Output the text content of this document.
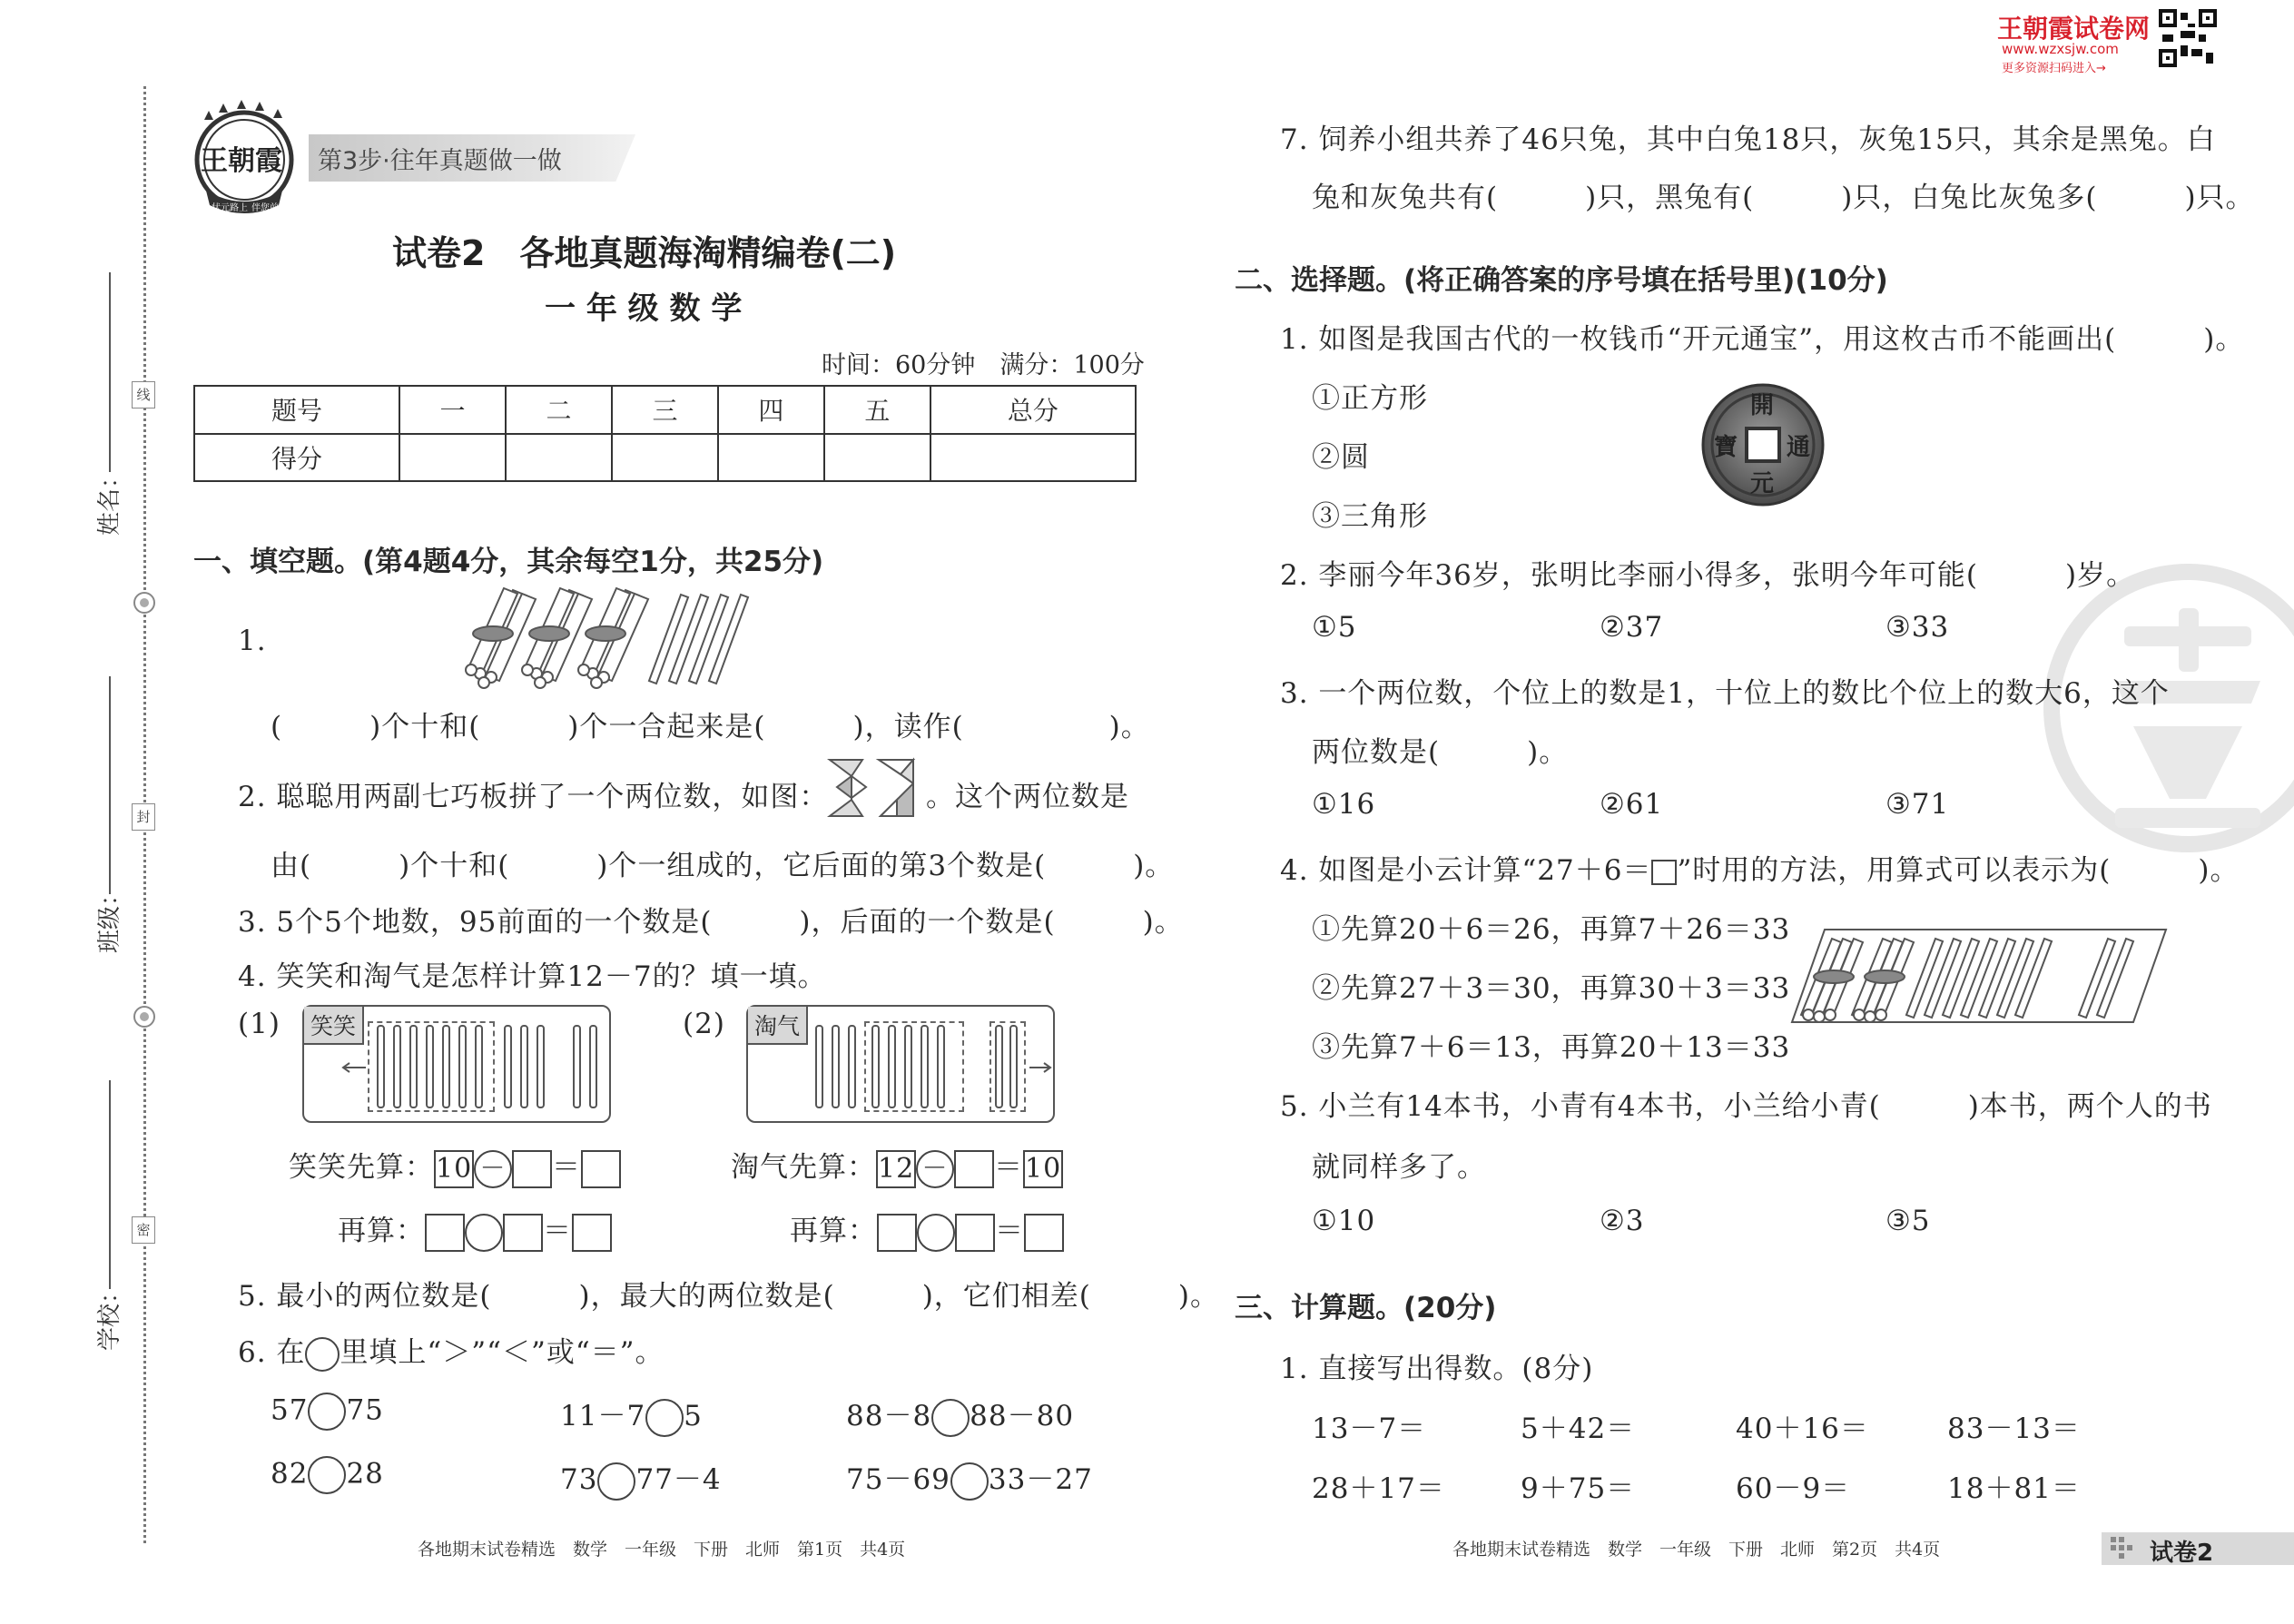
线
封
密
姓名：
班级：
学校：
王朝霞
状元路上 伴您前行
第3步·往年真题做一做
试卷2　各地真题海淘精编卷(二)
一 年 级 数 学
时间：60分钟　满分：100分
题号	一	二	三	四	五	总分
得分						
一、填空题。(第4题4分，其余每空1分，共25分)
1.
(　　　)个十和(　　　)个一合起来是(　　　)，读作(　　　　　)。
2. 聪聪用两副七巧板拼了一个两位数，如图：	。这个两位数是
由(　　　)个十和(　　　)个一组成的，它后面的第3个数是(　　　)。
3. 5个5个地数，95前面的一个数是(　　　)，后面的一个数是(　　　)。
4. 笑笑和淘气是怎样计算12－7的？填一填。
(1) 笑笑	(2) 淘气
笑笑先算：10 － ＝
再算：	＝
淘气先算：12 － ＝10
再算：	＝
5. 最小的两位数是(　　　)，最大的两位数是(　　　)，它们相差(　　　)。
6. 在 里填上“＞”“＜”或“＝”。
57 75	11－7 5	88－8 88－80
82 28	73 77－4	75－69 33－27
各地期末试卷精选　数学　一年级　下册　北师　第1页　共4页
王朝霞试卷网
www.wzxsjw.com
更多资源扫码进入→
7. 饲养小组共养了46只兔，其中白兔18只，灰兔15只，其余是黑兔。白
兔和灰兔共有(　　　)只，黑兔有(　　　)只，白兔比灰兔多(　　　)只。
二、选择题。(将正确答案的序号填在括号里)(10分)
1. 如图是我国古代的一枚钱币“开元通宝”，用这枚古币不能画出(　　　)。
①正方形
②圆
③三角形
開
元
通
寶
2. 李丽今年36岁，张明比李丽小得多，张明今年可能(　　　)岁。
①5	②37	③33
3. 一个两位数，个位上的数是1，十位上的数比个位上的数大6，这个
两位数是(　　　)。
①16	②61	③71
4. 如图是小云计算“27＋6＝ ”时用的方法，用算式可以表示为(　　　)。
①先算20＋6＝26，再算7＋26＝33
②先算27＋3＝30，再算30＋3＝33
③先算7＋6＝13，再算20＋13＝33
5. 小兰有14本书，小青有4本书，小兰给小青(　　　)本书，两个人的书
就同样多了。
①10	②3	③5
三、计算题。(20分)
1. 直接写出得数。(8分)
13－7＝	5＋42＝	40＋16＝	83－13＝
28＋17＝	9＋75＝	60－9＝	18＋81＝
各地期末试卷精选　数学　一年级　下册　北师　第2页　共4页	试卷2
